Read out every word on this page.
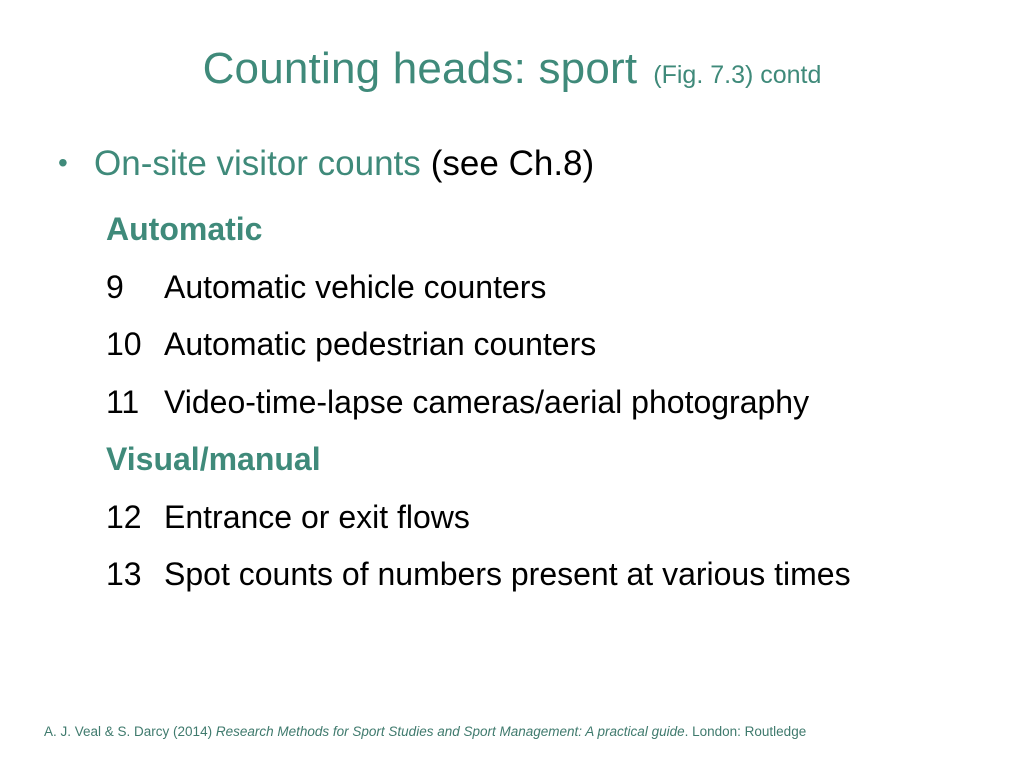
Counting heads: sport (Fig. 7.3) contd
• On-site visitor counts (see Ch.8)
Automatic
9 Automatic vehicle counters
10 Automatic pedestrian counters
11 Video-time-lapse cameras/aerial photography
Visual/manual
12 Entrance or exit flows
13 Spot counts of numbers present at various times
A. J. Veal & S. Darcy (2014) Research Methods for Sport Studies and Sport Management: A practical guide. London: Routledge
